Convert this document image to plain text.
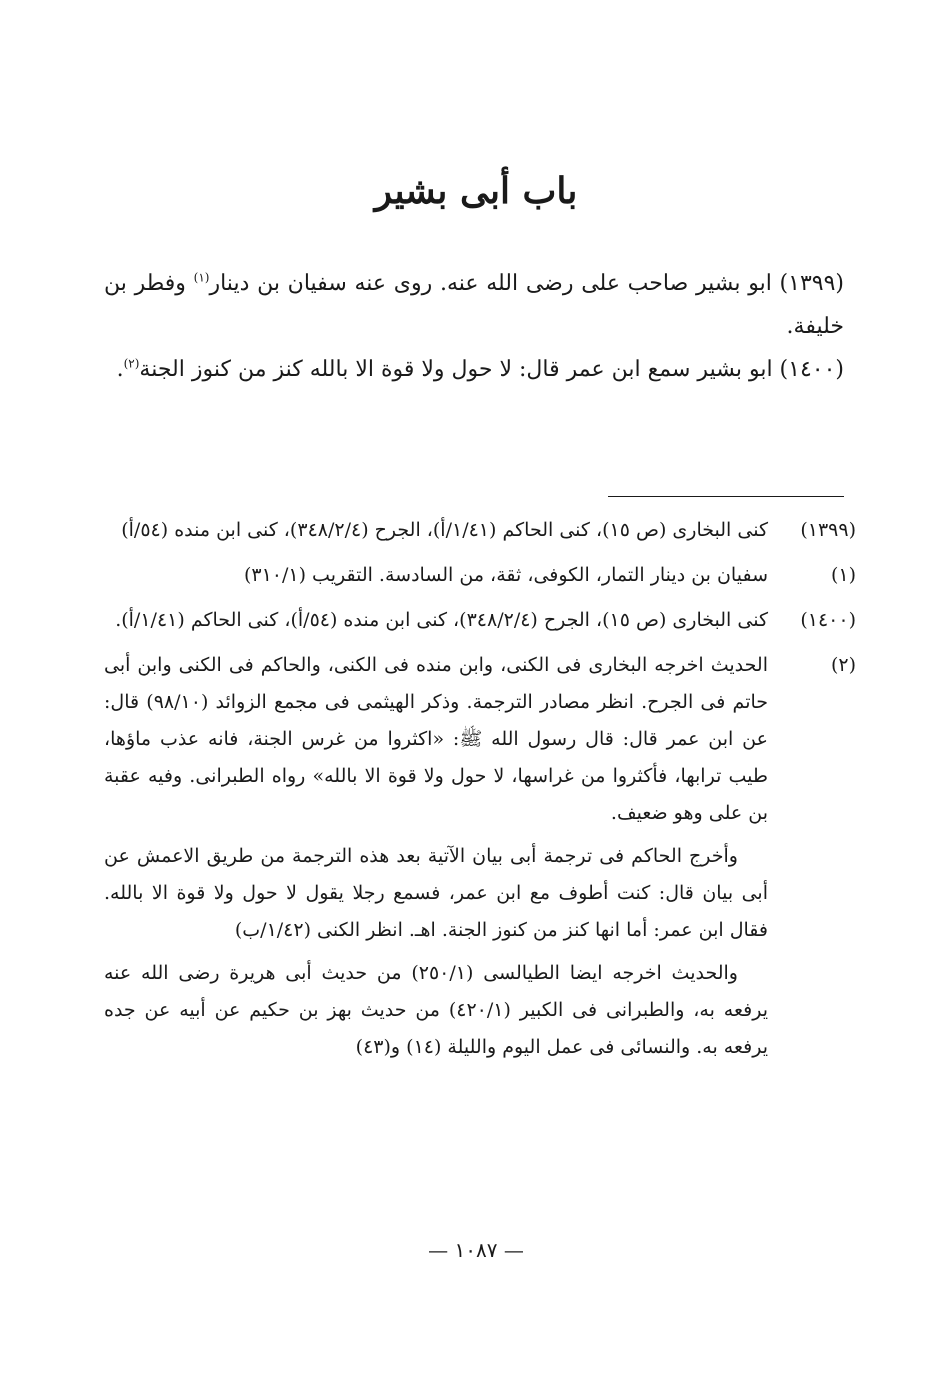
باب أبى بشير

(١٣٩٩) ابو بشير صاحب على رضى الله عنه. روى عنه سفيان بن دينار$^{(١)}$ وفطر بن خليفة.

(١٤٠٠) ابو بشير سمع ابن عمر قال: لا حول ولا قوة الا بالله كنز من كنوز الجنة$^{(٢)}$.

(١٣٩٩)

كنى البخارى (ص ١٥)، كنى الحاكم (١/٤١/أ)، الجرح (٣٤٨/٢/٤)، كنى ابن منده (٥٤/أ)

(١)

سفيان بن دينار التمار، الكوفى، ثقة، من السادسة. التقريب (٣١٠/١)

(١٤٠٠)

كنى البخارى (ص ١٥)، الجرح (٣٤٨/٢/٤)، كنى ابن منده (٥٤/أ)، كنى الحاكم (١/٤١/أ).

(٢)

الحديث اخرجه البخارى فى الكنى، وابن منده فى الكنى، والحاكم فى الكنى وابن أبى حاتم فى الجرح. انظر مصادر الترجمة. وذكر الهيثمى فى مجمع الزوائد (٩٨/١٠) قال: عن ابن عمر قال: قال رسول الله ﷺ: «اكثروا من غرس الجنة، فانه عذب ماؤها، طيب ترابها، فأكثروا من غراسها، لا حول ولا قوة الا بالله» رواه الطبرانى. وفيه عقبة بن على وهو ضعيف.

وأخرج الحاكم فى ترجمة أبى بيان الآتية بعد هذه الترجمة من طريق الاعمش عن أبى بيان قال: كنت أطوف مع ابن عمر، فسمع رجلا يقول لا حول ولا قوة الا بالله. فقال ابن عمر: أما انها كنز من كنوز الجنة. اهـ. انظر الكنى (١/٤٢/ب)

والحديث اخرجه ايضا الطيالسى (٢٥٠/١) من حديث أبى هريرة رضى الله عنه يرفعه به، والطبرانى فى الكبير (٤٢٠/١) من حديث بهز بن حكيم عن أبيه عن جده يرفعه به. والنسائى فى عمل اليوم والليلة (١٤) و(٤٣)

— ١٠٨٧ —
